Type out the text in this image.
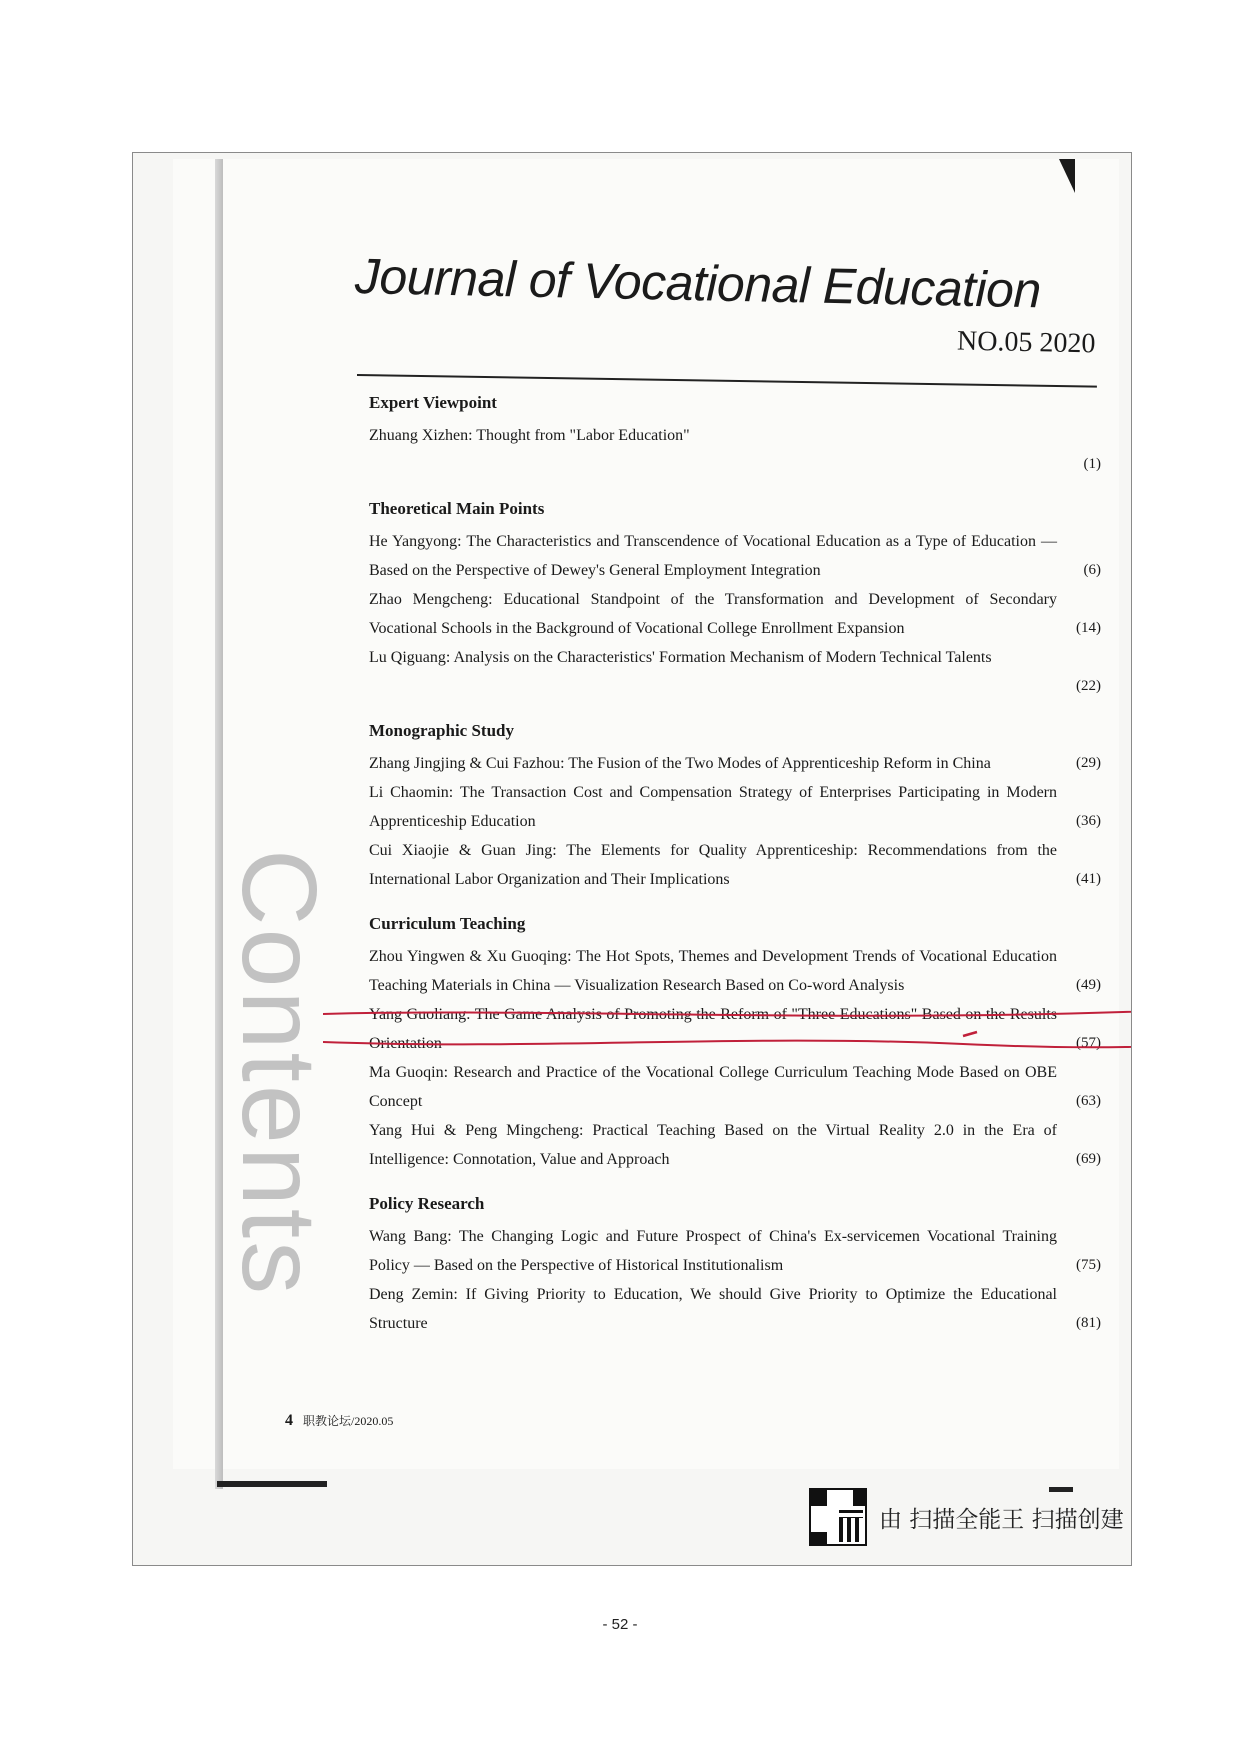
Journal of Vocational Education
NO.05 2020
Contents
Expert Viewpoint
Zhuang Xizhen: Thought from "Labor Education"
(1)
Theoretical Main Points
He Yangyong: The Characteristics and Transcendence of Vocational Education as a Type of Education — Based on the Perspective of Dewey's General Employment Integration	(6)
Zhao Mengcheng: Educational Standpoint of the Transformation and Development of Secondary Vocational Schools in the Background of Vocational College Enrollment Expansion	(14)
Lu Qiguang: Analysis on the Characteristics' Formation Mechanism of Modern Technical Talents
(22)
Monographic Study
Zhang Jingjing & Cui Fazhou: The Fusion of the Two Modes of Apprenticeship Reform in China	(29)
Li Chaomin: The Transaction Cost and Compensation Strategy of Enterprises Participating in Modern Apprenticeship Education	(36)
Cui Xiaojie & Guan Jing: The Elements for Quality Apprenticeship: Recommendations from the International Labor Organization and Their Implications	(41)
Curriculum Teaching
Zhou Yingwen & Xu Guoqing: The Hot Spots, Themes and Development Trends of Vocational Education Teaching Materials in China — Visualization Research Based on Co-word Analysis	(49)
Yang Guoliang: The Game Analysis of Promoting the Reform of "Three Educations" Based on the Results Orientation	(57)
Ma Guoqin: Research and Practice of the Vocational College Curriculum Teaching Mode Based on OBE Concept	(63)
Yang Hui & Peng Mingcheng: Practical Teaching Based on the Virtual Reality 2.0 in the Era of Intelligence: Connotation, Value and Approach	(69)
Policy Research
Wang Bang: The Changing Logic and Future Prospect of China's Ex-servicemen Vocational Training Policy — Based on the Perspective of Historical Institutionalism	(75)
Deng Zemin: If Giving Priority to Education, We should Give Priority to Optimize the Educational Structure	(81)
4 职教论坛/2020.05
由 扫描全能王 扫描创建
- 52 -
